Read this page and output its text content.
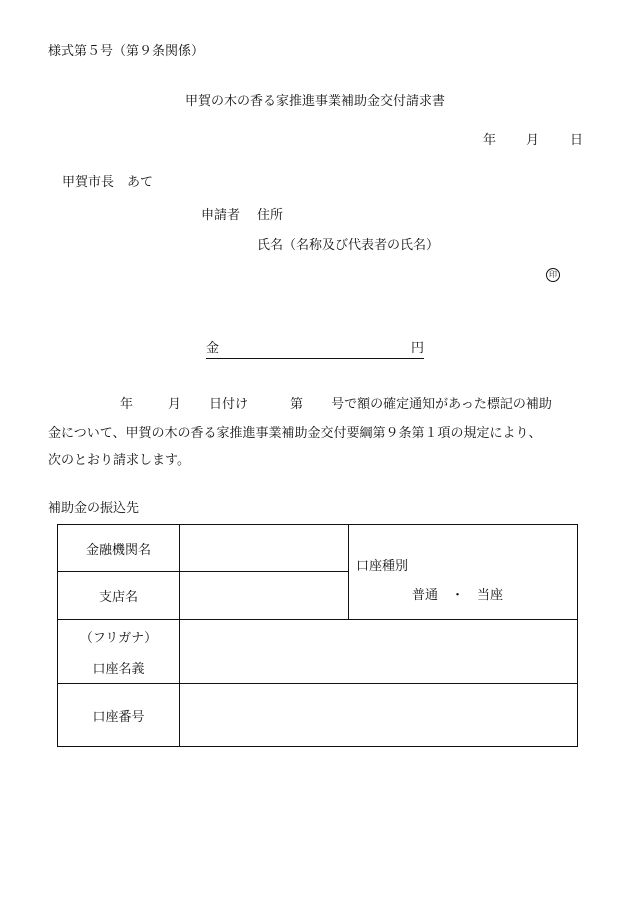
様式第５号（第９条関係）
甲賀の木の香る家推進事業補助金交付請求書
年 月 日
甲賀市長　あて
申請者 住所
氏名（名称及び代表者の氏名）
印
金	円
年	月 日付け	第 号で額の確定通知があった標記の補助
金について、甲賀の木の香る家推進事業補助金交付要綱第９条第１項の規定により、
次のとおり請求します。
補助金の振込先
金融機関名		口座種別
普通　・　当座

支店名		

（フリガナ）
口座名義		

口座番号		
